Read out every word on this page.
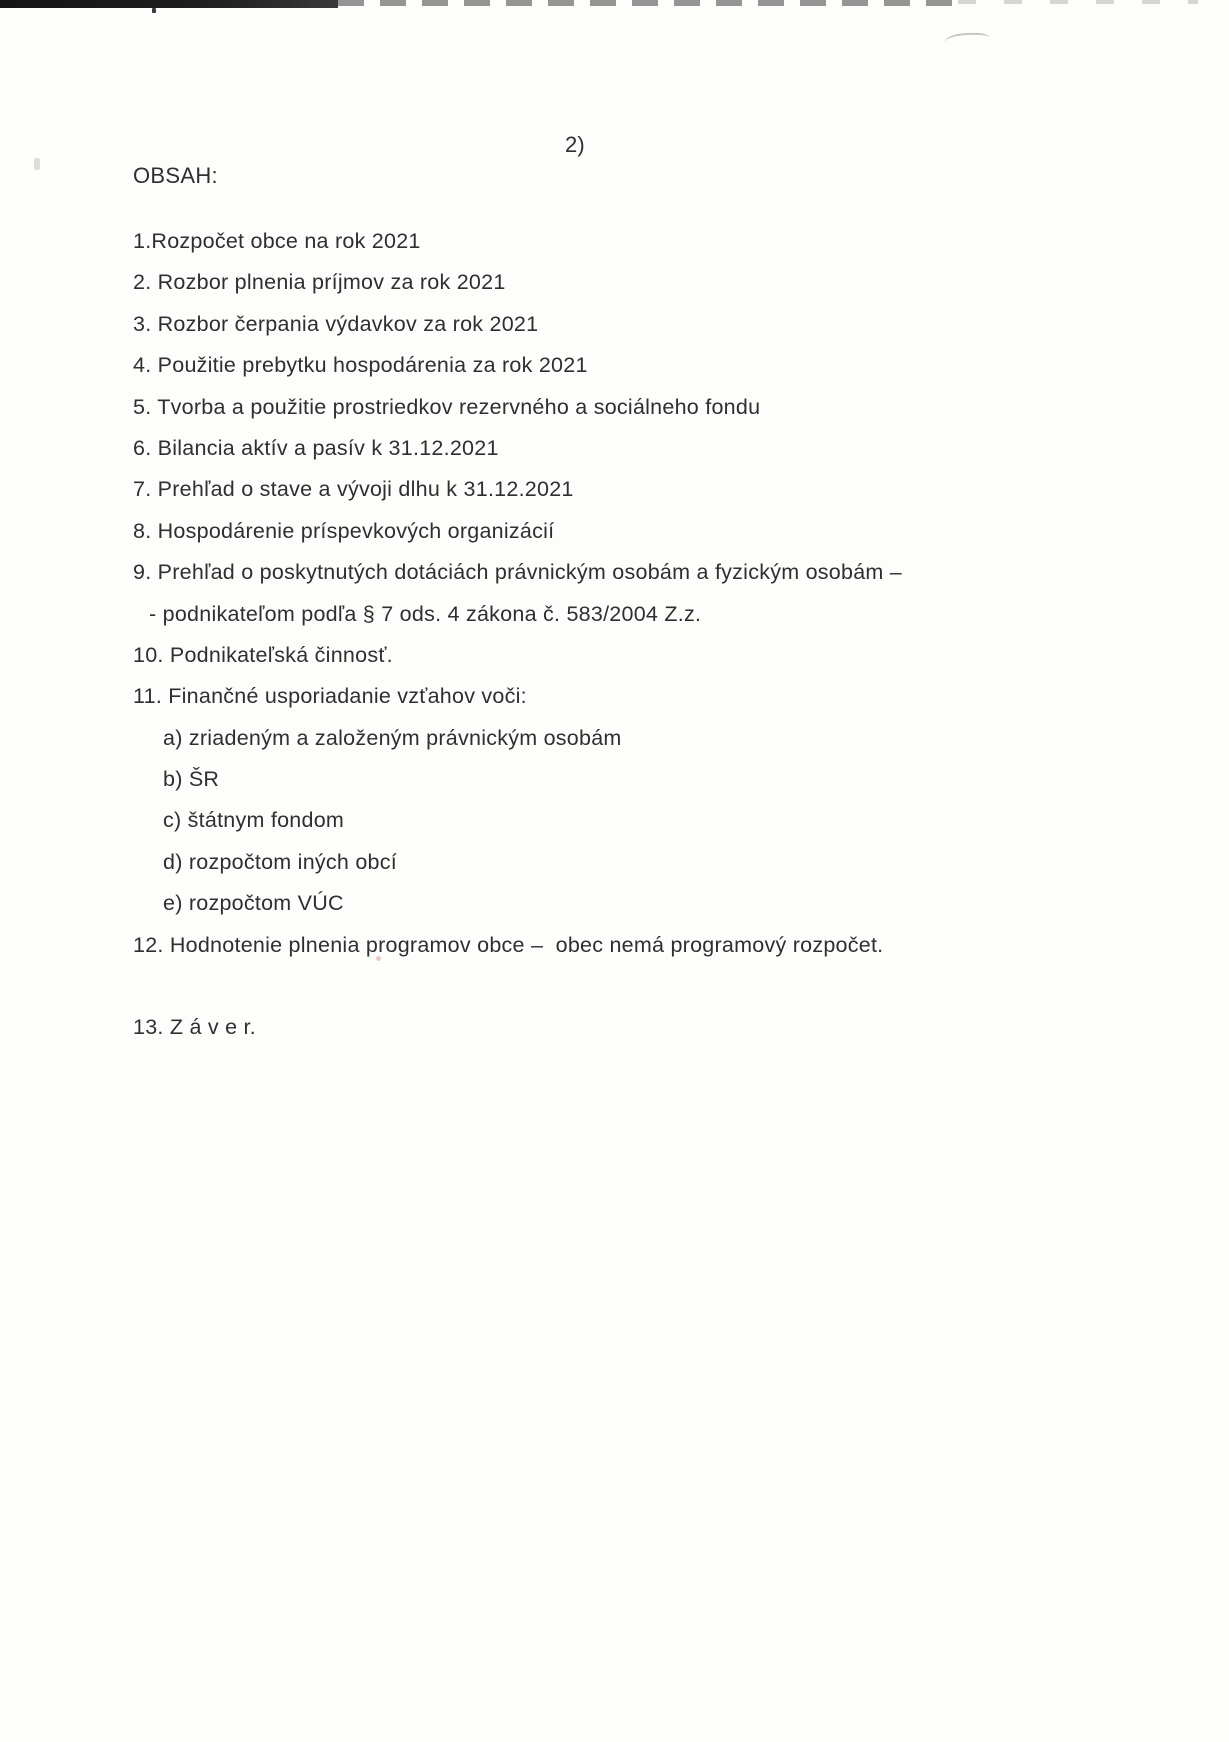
2)
OBSAH:
1.Rozpočet obce na rok 2021
2. Rozbor plnenia príjmov za rok 2021
3. Rozbor čerpania výdavkov za rok 2021
4. Použitie prebytku hospodárenia za rok 2021
5. Tvorba a použitie prostriedkov rezervného a sociálneho fondu
6. Bilancia aktív a pasív k 31.12.2021
7. Prehľad o stave a vývoji dlhu k 31.12.2021
8. Hospodárenie príspevkových organizácií
9. Prehľad o poskytnutých dotáciách právnickým osobám a fyzickým osobám –
- podnikateľom podľa § 7 ods. 4 zákona č. 583/2004 Z.z.
10. Podnikateľská činnosť.
11. Finančné usporiadanie vzťahov voči:
a) zriadeným a založeným právnickým osobám
b) ŠR
c) štátnym fondom
d) rozpočtom iných obcí
e) rozpočtom VÚC
12. Hodnotenie plnenia programov obce –  obec nemá programový rozpočet.
13. Z á v e r.
